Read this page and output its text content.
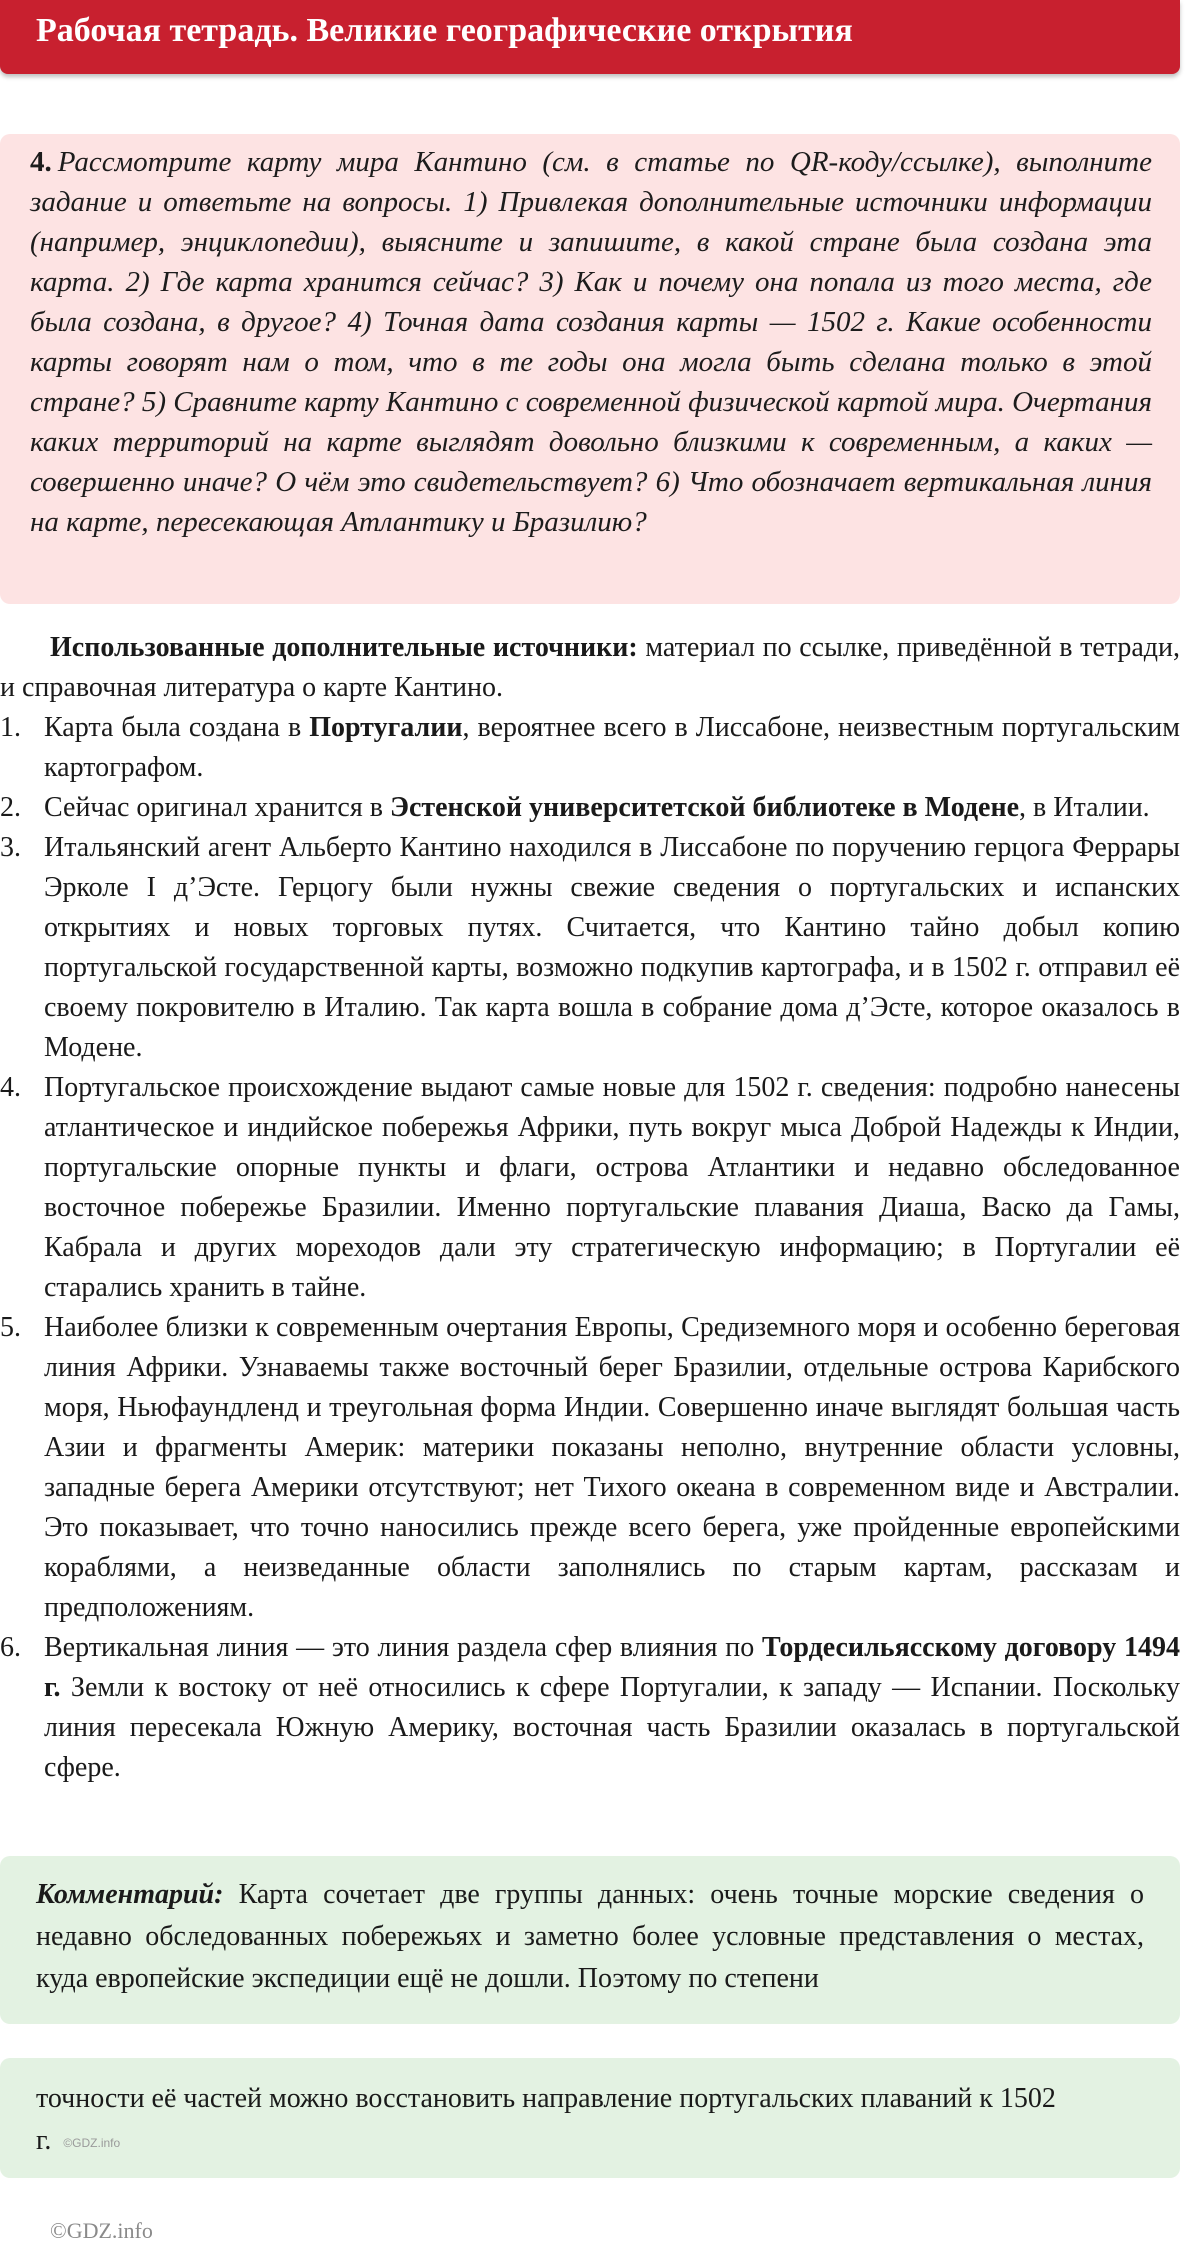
Рабочая тетрадь. Великие географические открытия
4. Рассмотрите карту мира Кантино (см. в статье по QR-коду/ссылке), выполните задание и ответьте на вопросы. 1) Привлекая дополнительные источники информации (например, энциклопедии), выясните и запишите, в какой стране была создана эта карта. 2) Где карта хранится сейчас? 3) Как и почему она попала из того места, где была создана, в другое? 4) Точная дата создания карты — 1502 г. Какие особенности карты говорят нам о том, что в те годы она могла быть сделана только в этой стране? 5) Сравните карту Кантино с современной физической картой мира. Очертания каких территорий на карте выглядят довольно близкими к современным, а каких — совершенно иначе? О чём это свидетельствует? 6) Что обозначает вертикальная линия на карте, пересекающая Атлантику и Бразилию?
Использованные дополнительные источники: материал по ссылке, приведённой в тетради, и справочная литература о карте Кантино.
1. Карта была создана в Португалии, вероятнее всего в Лиссабоне, неизвестным португальским картографом.
2. Сейчас оригинал хранится в Эстенской университетской библиотеке в Модене, в Италии.
3. Итальянский агент Альберто Кантино находился в Лиссабоне по поручению герцога Феррары Эрколе I д’Эсте. Герцогу были нужны свежие сведения о португальских и испанских открытиях и новых торговых путях. Считается, что Кантино тайно добыл копию португальской государственной карты, возможно подкупив картографа, и в 1502 г. отправил её своему покровителю в Италию. Так карта вошла в собрание дома д’Эсте, которое оказалось в Модене.
4. Португальское происхождение выдают самые новые для 1502 г. сведения: подробно нанесены атлантическое и индийское побережья Африки, путь вокруг мыса Доброй Надежды к Индии, португальские опорные пункты и флаги, острова Атлантики и недавно обследованное восточное побережье Бразилии. Именно португальские плавания Диаша, Васко да Гамы, Кабрала и других мореходов дали эту стратегическую информацию; в Португалии её старались хранить в тайне.
5. Наиболее близки к современным очертания Европы, Средиземного моря и особенно береговая линия Африки. Узнаваемы также восточный берег Бразилии, отдельные острова Карибского моря, Ньюфаундленд и треугольная форма Индии. Совершенно иначе выглядят большая часть Азии и фрагменты Америк: материки показаны неполно, внутренние области условны, западные берега Америки отсутствуют; нет Тихого океана в современном виде и Австралии. Это показывает, что точно наносились прежде всего берега, уже пройденные европейскими кораблями, а неизведанные области заполнялись по старым картам, рассказам и предположениям.
6. Вертикальная линия — это линия раздела сфер влияния по Тордесильясскому договору 1494 г. Земли к востоку от неё относились к сфере Португалии, к западу — Испании. Поскольку линия пересекала Южную Америку, восточная часть Бразилии оказалась в португальской сфере.
Комментарий: Карта сочетает две группы данных: очень точные морские сведения о недавно обследованных побережьях и заметно более условные представления о местах, куда европейские экспедиции ещё не дошли. Поэтому по степени
точности её частей можно восстановить направление португальских плаваний к 1502 г. ©GDZ.info
©GDZ.info
